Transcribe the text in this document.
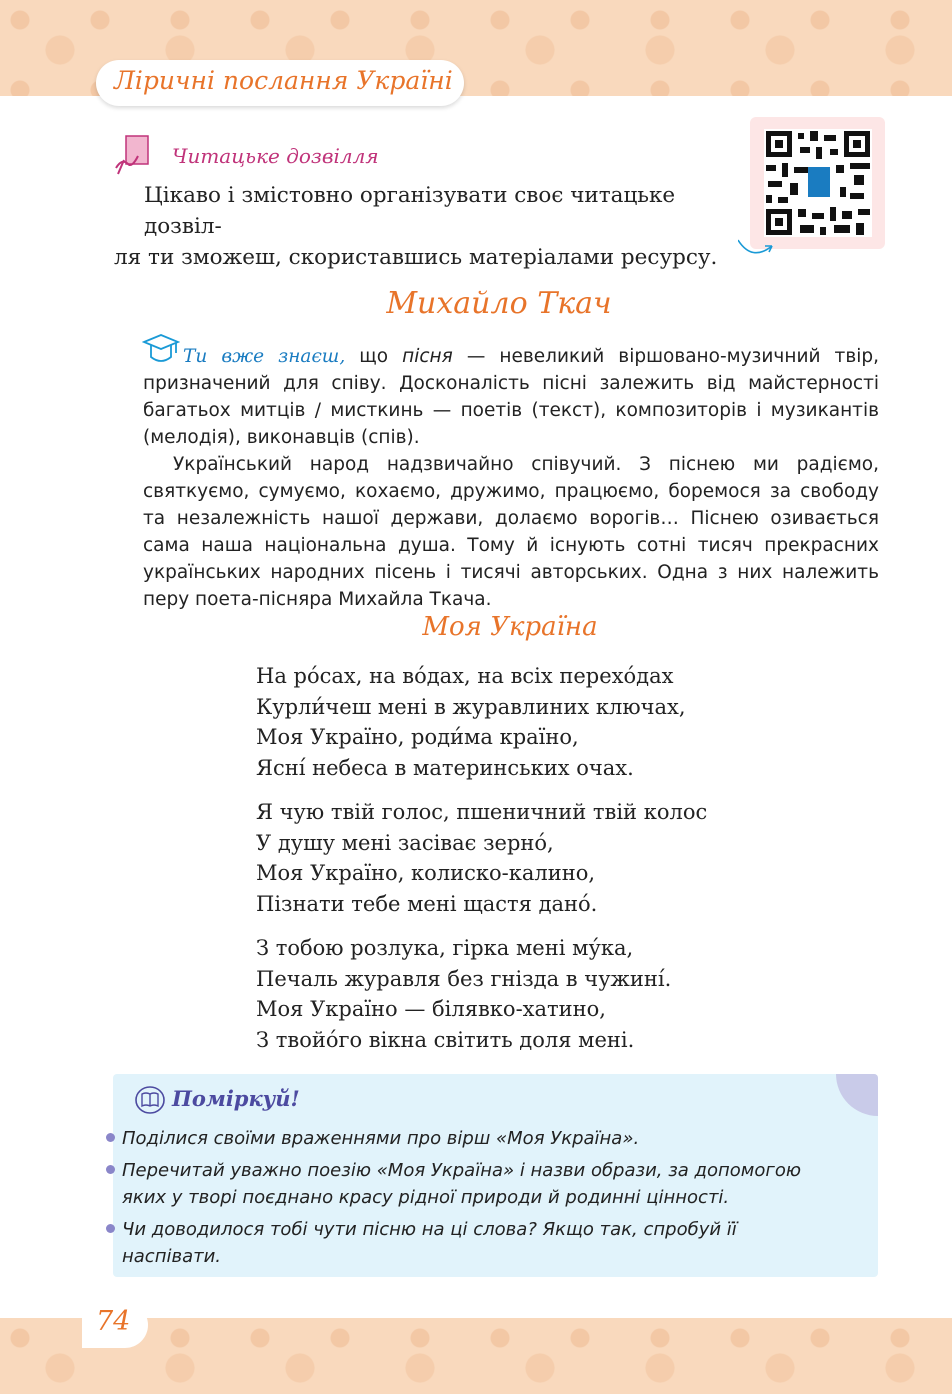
Ліричні послання Україні
Читацьке дозвілля
Цікаво і змістовно організувати своє читацьке дозвіл-
ля ти зможеш, скориставшись матеріалами ресурсу.
Михайло Ткач

Ти вже знаєш, що пісня — невеликий віршовано-музичний твір, призначений для співу. Досконалість пісні залежить від майстерності багатьох митців / мисткинь — поетів (текст), композиторів і музикантів (мелодія), виконавців (спів).

Український народ надзвичайно співучий. З піснею ми радіємо, святкуємо, сумуємо, кохаємо, дружимо, працюємо, боремося за свободу та незалежність нашої держави, долаємо ворогів… Піснею озивається сама наша національна душа. Тому й існують сотні тисяч прекрасних українських народних пісень і тисячі авторських. Одна з них належить перу поета-пісняра Михайла Ткача.

Моя Україна
На ро́сах, на во́дах, на всіх перехо́дах
Курли́чеш мені в журавлиних ключах,
Моя Україно, роди́ма країно,
Ясні́ небеса в материнських очах.
Я чую твій голос, пшеничний твій колос
У душу мені засіває зерно́,
Моя Україно, колиско-калино,
Пізнати тебе мені щастя дано́.
З тобою розлука, гірка мені му́ка,
Печаль журавля без гнізда в чужині́.
Моя Україно — білявко-хатино,
З твойо́го вікна світить доля мені.
Поміркуй!
Поділися своїми враженнями про вірш «Моя Україна».
Перечитай уважно поезію «Моя Україна» і назви образи, за допомогою яких у творі поєднано красу рідної природи й родинні цінності.
Чи доводилося тобі чути пісню на ці слова? Якщо так, спробуй її наспівати.
74
